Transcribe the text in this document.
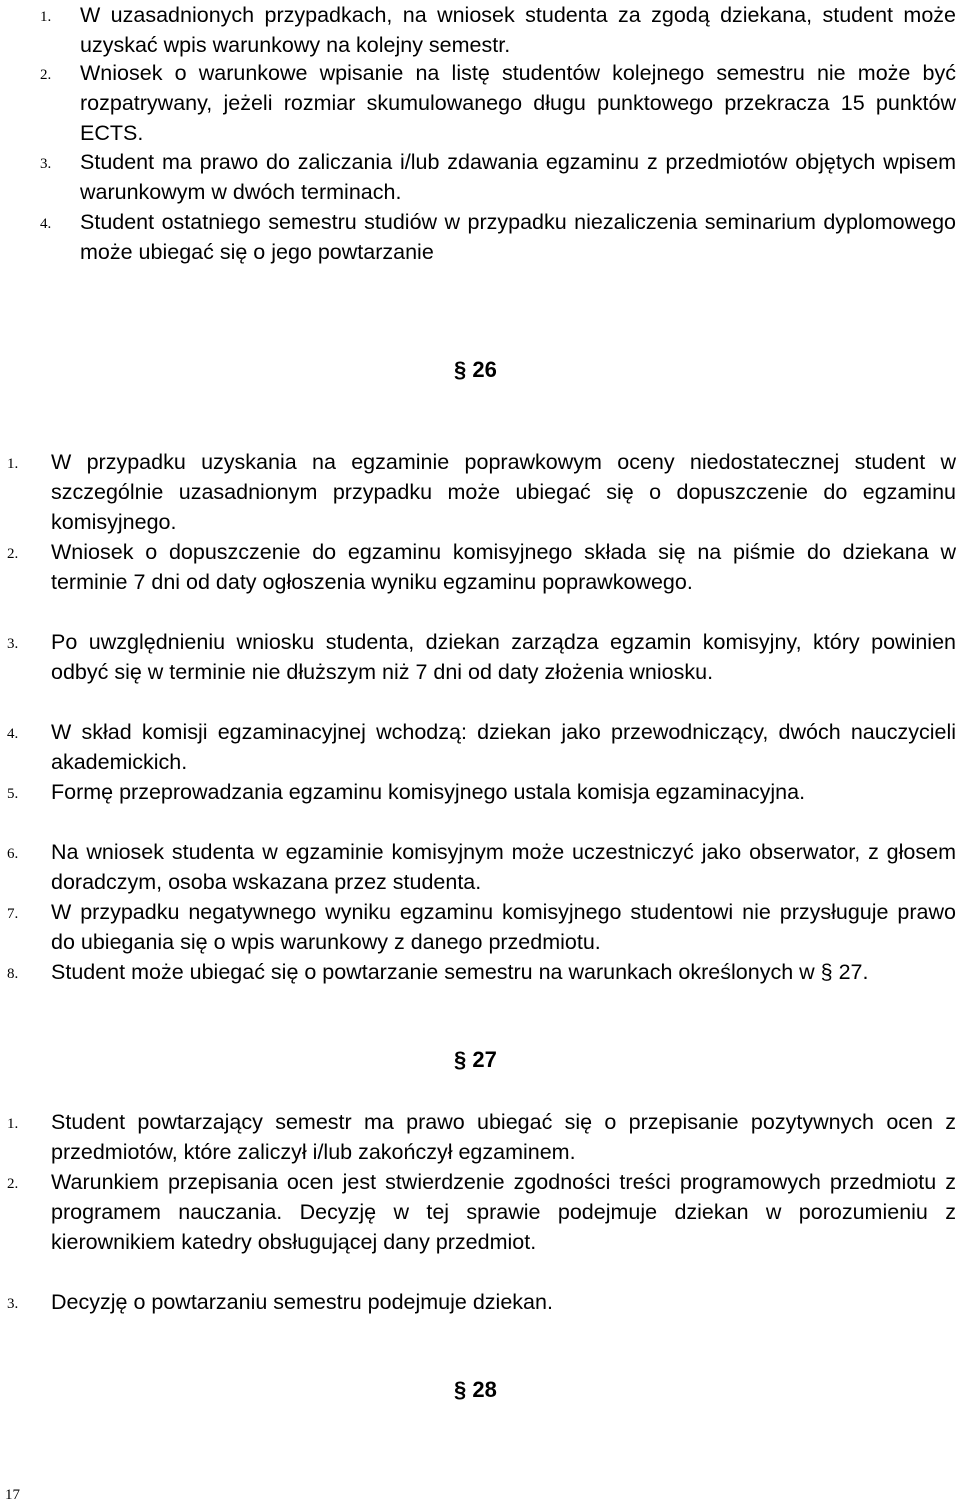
1. W uzasadnionych przypadkach, na wniosek studenta za zgodą dziekana, student może uzyskać wpis warunkowy na kolejny semestr.

2. Wniosek o warunkowe wpisanie na listę studentów kolejnego semestru nie może być rozpatrywany, jeżeli rozmiar skumulowanego długu punktowego przekracza 15 punktów ECTS.

3. Student ma prawo do zaliczania i/lub zdawania egzaminu z przedmiotów objętych wpisem warunkowym w dwóch terminach.

4. Student ostatniego semestru studiów w przypadku niezaliczenia seminarium dyplomowego może ubiegać się o jego powtarzanie

§ 26
1. W przypadku uzyskania na egzaminie poprawkowym oceny niedostatecznej student w szczególnie uzasadnionym przypadku może ubiegać się o dopuszczenie do egzaminu komisyjnego.

2. Wniosek o dopuszczenie do egzaminu komisyjnego składa się na piśmie do dziekana w terminie 7 dni od daty ogłoszenia wyniku egzaminu poprawkowego.

3. Po uwzględnieniu wniosku studenta, dziekan zarządza egzamin komisyjny, który powinien odbyć się w terminie nie dłuższym niż 7 dni od daty złożenia wniosku.

4. W skład komisji egzaminacyjnej wchodzą: dziekan jako przewodniczący, dwóch nauczycieli akademickich.

5. Formę przeprowadzania egzaminu komisyjnego ustala komisja egzaminacyjna.

6. Na wniosek studenta w egzaminie komisyjnym może uczestniczyć jako obserwator, z głosem doradczym, osoba wskazana przez studenta.

7. W przypadku negatywnego wyniku egzaminu komisyjnego studentowi nie przysługuje prawo do ubiegania się o wpis warunkowy z danego przedmiotu.

8. Student może ubiegać się o powtarzanie semestru na warunkach określonych w § 27.

§ 27
1. Student powtarzający semestr ma prawo ubiegać się o przepisanie pozytywnych ocen z przedmiotów, które zaliczył i/lub zakończył egzaminem.

2. Warunkiem przepisania ocen jest stwierdzenie zgodności treści programowych przedmiotu z programem nauczania. Decyzję w tej sprawie podejmuje dziekan w porozumieniu z kierownikiem katedry obsługującej dany przedmiot.

3. Decyzję o powtarzaniu semestru podejmuje dziekan.

§ 28
17
